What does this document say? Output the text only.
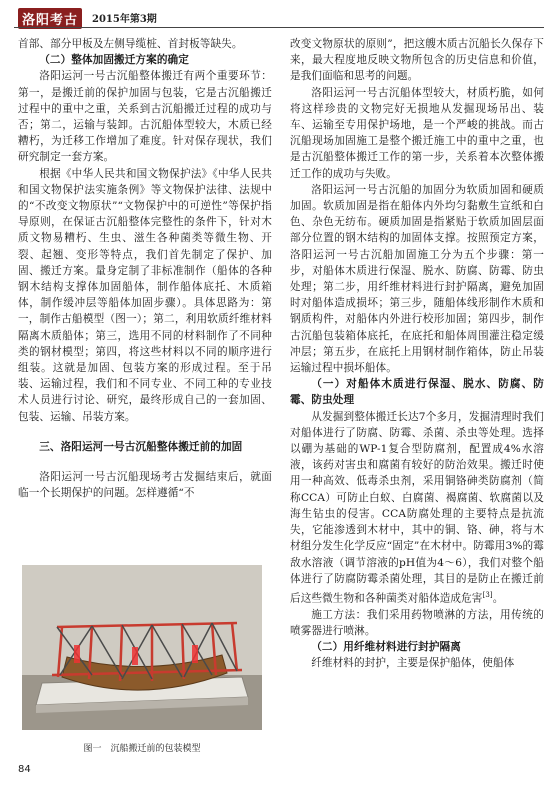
洛阳考古	2015年第3期

首部、部分甲板及左侧导缆桩、首封板等缺失。

（二）整体加固搬迁方案的确定

洛阳运河一号古沉船整体搬迁有两个重要环节：第一，是搬迁前的保护加固与包装，它是古沉船搬迁过程中的重中之重，关系到古沉船搬迁过程的成功与否；第二，运输与装卸。古沉船体型较大，木质已经糟朽，为迁移工作增加了难度。针对保存现状，我们研究制定一套方案。

根据《中华人民共和国文物保护法》《中华人民共和国文物保护法实施条例》等文物保护法律、法规中的“不改变文物原状”“文物保护中的可逆性”等保护指导原则，在保证古沉船整体完整性的条件下，针对木质文物易糟朽、生虫、滋生各种菌类等微生物、开裂、起翘、变形等特点，我们首先制定了保护、加固、搬迁方案。量身定制了非标准制作（船体的各种钢木结构支撑体加固船体，制作船体底托、木质箱体，制作缓冲层等船体加固步骤）。具体思路为：第一，制作古船模型（图一）；第二，利用软质纤维材料隔离木质船体；第三，选用不同的材料制作了不同种类的钢材模型；第四，将这些材料以不同的顺序进行组装。这就是加固、包装方案的形成过程。至于吊装、运输过程，我们和不同专业、不同工种的专业技术人员进行讨论、研究，最终形成自己的一套加固、包装、运输、吊装方案。

三、洛阳运河一号古沉船整体搬迁前的加固

洛阳运河一号古沉船现场考古发掘结束后，就面临一个长期保护的问题。怎样遵循“不

图一　沉船搬迁前的包装模型

改变文物原状的原则”，把这艘木质古沉船长久保存下来，最大程度地反映文物所包含的历史信息和价值，是我们面临和思考的问题。

洛阳运河一号古沉船体型较大，材质朽脆，如何将这样珍贵的文物完好无损地从发掘现场吊出、装车、运输至专用保护场地，是一个严峻的挑战。而古沉船现场加固施工是整个搬迁施工中的重中之重，也是古沉船整体搬迁工作的第一步，关系着本次整体搬迁工作的成功与失败。

洛阳运河一号古沉船的加固分为软质加固和硬质加固。软质加固是指在船体内外均匀黏敷生宣纸和白色、杂色无纺布。硬质加固是指紧贴于软质加固层面部分位置的钢木结构的加固体支撑。按照预定方案，洛阳运河一号古沉船加固施工分为五个步骤：第一步，对船体木质进行保湿、脱水、防腐、防霉、防虫处理；第二步，用纤维材料进行封护隔离，避免加固时对船体造成损坏；第三步，随船体线形制作木质和钢质构件，对船体内外进行校形加固；第四步，制作古沉船包装箱体底托，在底托和船体周围灌注稳定缓冲层；第五步，在底托上用钢材制作箱体，防止吊装运输过程中损坏船体。

（一）对船体木质进行保湿、脱水、防腐、防霉、防虫处理

从发掘到整体搬迁长达7个多月，发掘清理时我们对船体进行了防腐、防霉、杀菌、杀虫等处理。选择以硼为基础的WP-1复合型防腐剂，配置成4%水溶液，该药对害虫和腐菌有较好的防治效果。搬迁时使用一种高效、低毒杀虫剂，采用铜铬砷类防腐剂（简称CCA）可防止白蚁、白腐菌、褐腐菌、软腐菌以及海生钻虫的侵害。CCA防腐处理的主要特点是抗流失，它能渗透到木材中，其中的铜、铬、砷，将与木材组分发生化学反应“固定”在木材中。防霉用3%的霉敌水溶液（调节溶液的pH值为4～6），我们对整个船体进行了防腐防霉杀菌处理，其目的是防止在搬迁前后这些微生物和各种菌类对船体造成危害[3]。

施工方法：我们采用药物喷淋的方法，用传统的喷雾器进行喷淋。

（二）用纤维材料进行封护隔离

纤维材料的封护，主要是保护船体，使船体

84
